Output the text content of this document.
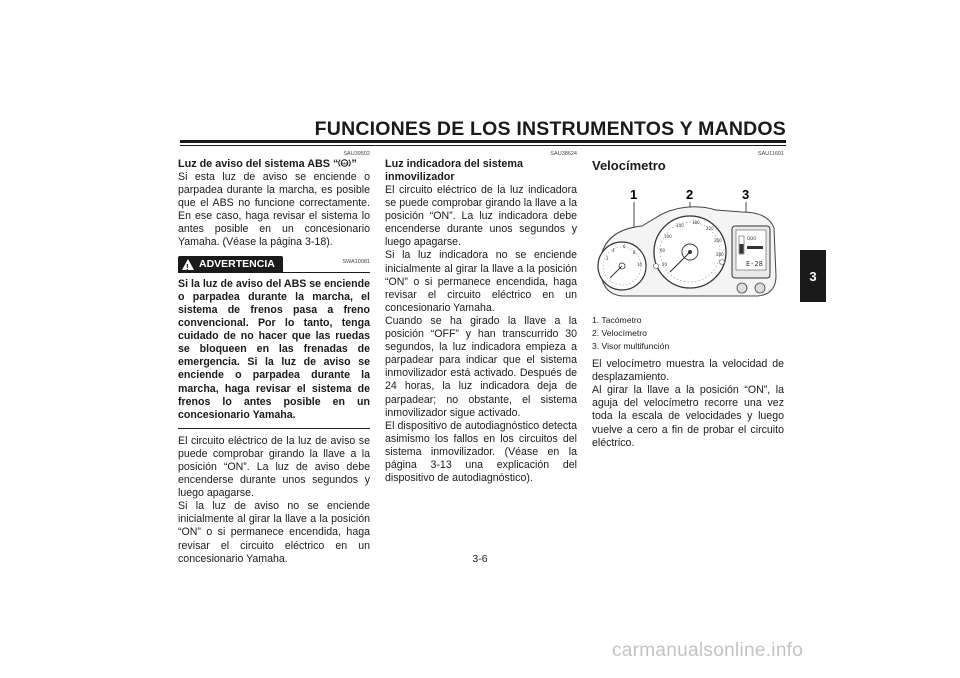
FUNCIONES DE LOS INSTRUMENTOS Y MANDOS
3

SAU39502

Luz de aviso del sistema ABS “ ABS ”

Si esta luz de aviso se enciende o parpadea durante la marcha, es posible que el ABS no funcione correctamente. En ese caso, haga revisar el sistema lo antes posible en un concesionario Yamaha. (Véase la página 3-18).

! ADVERTENCIA	SWA10081

Si la luz de aviso del ABS se enciende o parpadea durante la marcha, el sistema de frenos pasa a freno convencional. Por lo tanto, tenga cuidado de no hacer que las ruedas se bloqueen en las frenadas de emergencia. Si la luz de aviso se enciende o parpadea durante la marcha, haga revisar el sistema de frenos lo antes posible en un concesionario Yamaha.

El circuito eléctrico de la luz de aviso se puede comprobar girando la llave a la posición “ON”. La luz de aviso debe encenderse durante unos segundos y luego apagarse.

Si la luz de aviso no se enciende inicialmente al girar la llave a la posición “ON” o si permanece encendida, haga revisar el circuito eléctrico en un concesionario Yamaha.

SAU38624

Luz indicadora del sistema inmovilizador

El circuito eléctrico de la luz indicadora se puede comprobar girando la llave a la posición “ON”. La luz indicadora debe encenderse durante unos segundos y luego apagarse.

Si la luz indicadora no se enciende inicialmente al girar la llave a la posición “ON” o si permanece encendida, haga revisar el circuito eléctrico en un concesionario Yamaha.

Cuando se ha girado la llave a la posición “OFF” y han transcurrido 30 segundos, la luz indicadora empieza a parpadear para indicar que el sistema inmovilizador está activado. Después de 24 horas, la luz indicadora deja de parpadear; no obstante, el sistema inmovilizador sigue activado.

El dispositivo de autodiagnóstico detecta asimismo los fallos en los circuitos del sistema inmovilizador. (Véase en la página 3-13 una explicación del dispositivo de autodiagnóstico).

SAU11601

Velocímetro

1	2	3
2
4
6
8
10	20
60
100
140
180
220
260
280
ODO
E-28
1. Tacómetro
2. Velocímetro
3. Visor multifunción

El velocímetro muestra la velocidad de desplazamiento.

Al girar la llave a la posición “ON”, la aguja del velocímetro recorre una vez toda la escala de velocidades y luego vuelve a cero a fin de probar el circuito eléctrico.

3-6
carmanualsonline.info
